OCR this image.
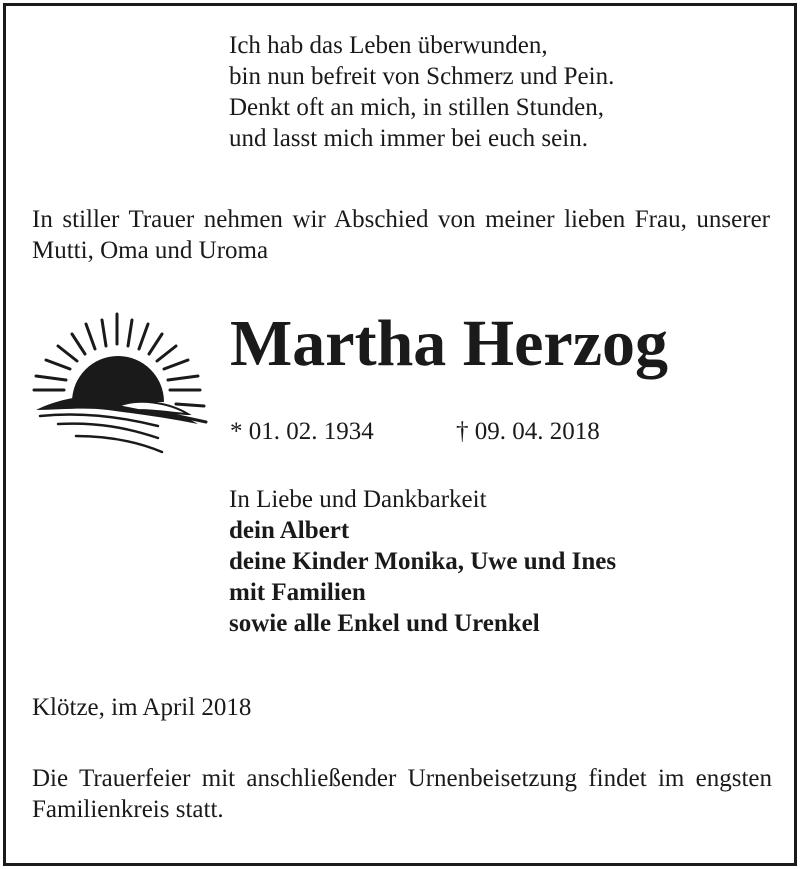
Ich hab das Leben überwunden,
bin nun befreit von Schmerz und Pein.
Denkt oft an mich, in stillen Stunden,
und lasst mich immer bei euch sein.
In stiller Trauer nehmen wir Abschied von meiner lieben Frau, unserer Mutti, Oma und Uroma
Martha Herzog
* 01. 02. 1934	† 09. 04. 2018
In Liebe und Dankbarkeit
dein Albert
deine Kinder Monika, Uwe und Ines
mit Familien
sowie alle Enkel und Urenkel
Klötze, im April 2018
Die Trauerfeier mit anschließender Urnenbeisetzung findet im engsten Familienkreis statt.
